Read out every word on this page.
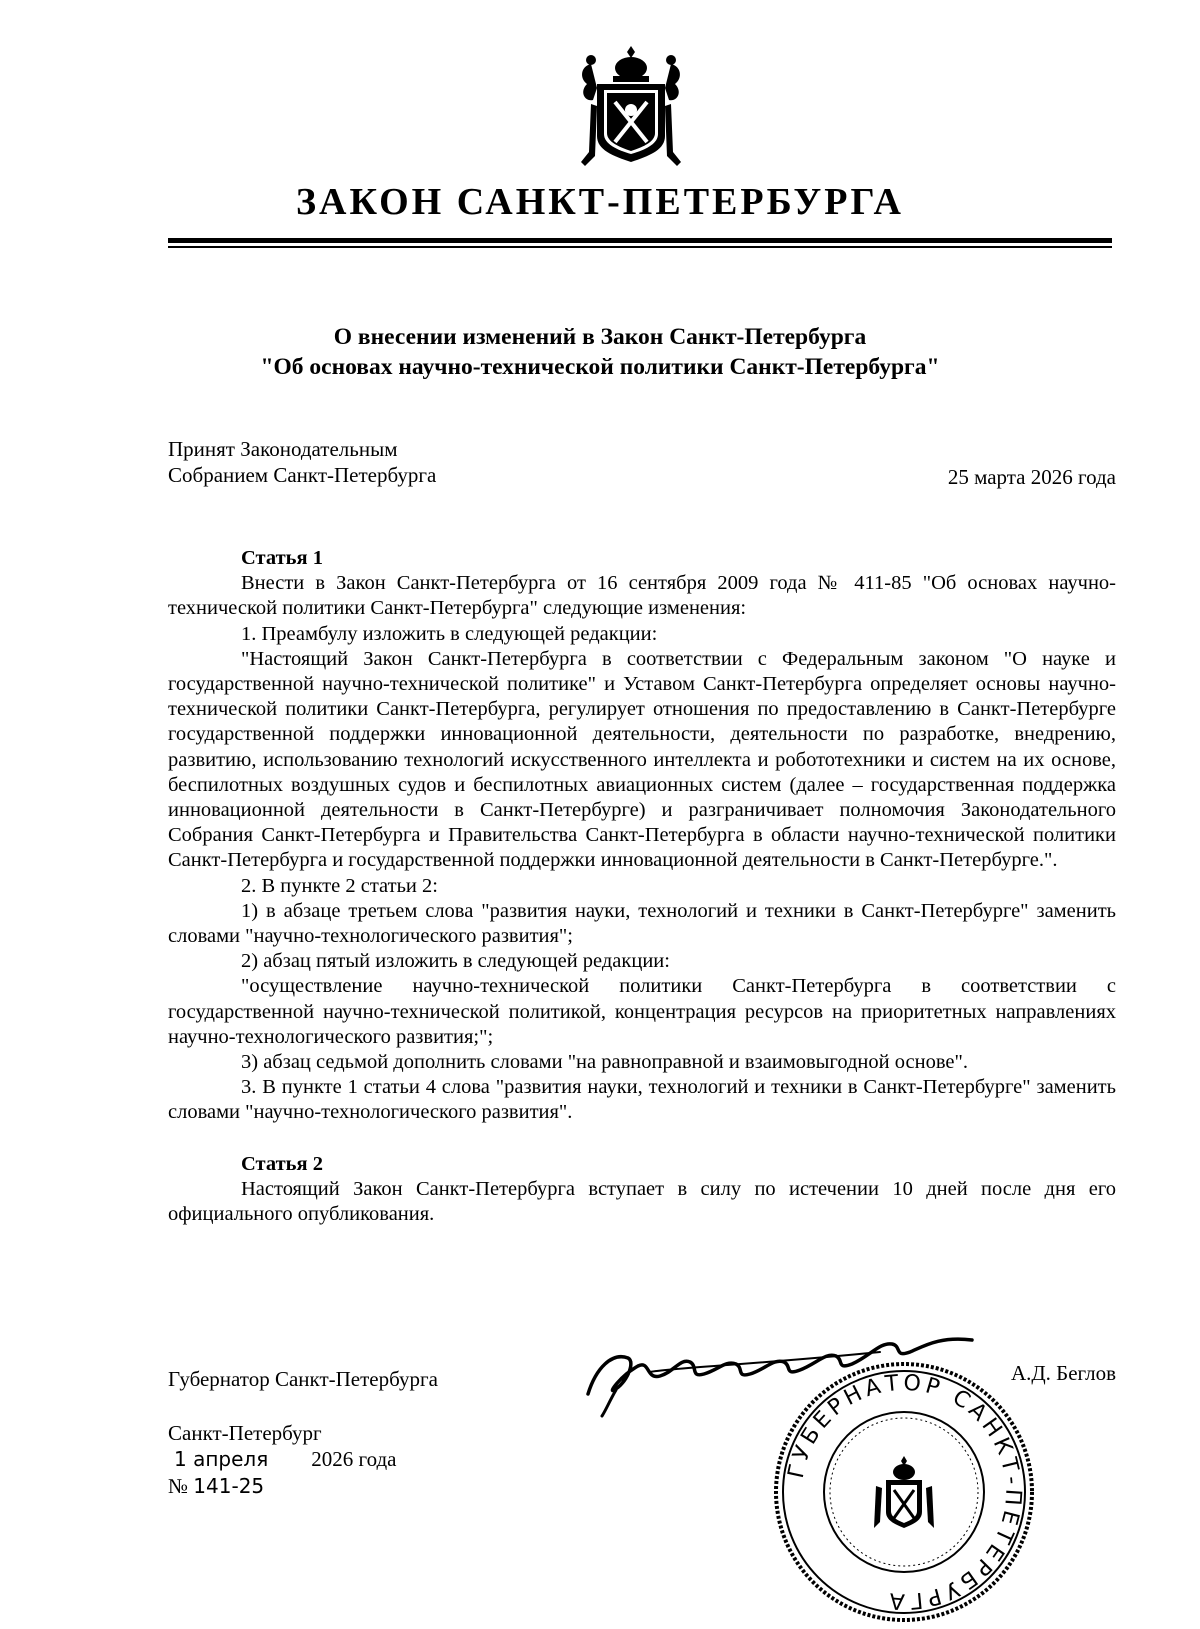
ЗАКОН САНКТ-ПЕТЕРБУРГА
О внесении изменений в Закон Санкт-Петербурга
"Об основах научно-технической политики Санкт-Петербурга"
Принят Законодательным
Собранием Санкт-Петербурга	25 марта 2026 года

Статья 1

Внести в Закон Санкт-Петербурга от 16 сентября 2009 года № 411-85 "Об основах научно-технической политики Санкт-Петербурга" следующие изменения:

1. Преамбулу изложить в следующей редакции:

"Настоящий Закон Санкт-Петербурга в соответствии с Федеральным законом "О науке и государственной научно-технической политике" и Уставом Санкт-Петербурга определяет основы научно-технической политики Санкт-Петербурга, регулирует отношения по предоставлению в Санкт-Петербурге государственной поддержки инновационной деятельности, деятельности по разработке, внедрению, развитию, использованию технологий искусственного интеллекта и робототехники и систем на их основе, беспилотных воздушных судов и беспилотных авиационных систем (далее – государственная поддержка инновационной деятельности в Санкт-Петербурге) и разграничивает полномочия Законодательного Собрания Санкт-Петербурга и Правительства Санкт-Петербурга в области научно-технической политики Санкт-Петербурга и государственной поддержки инновационной деятельности в Санкт-Петербурге.".

2. В пункте 2 статьи 2:

1) в абзаце третьем слова "развития науки, технологий и техники в Санкт-Петербурге" заменить словами "научно-технологического развития";

2) абзац пятый изложить в следующей редакции:

"осуществление научно-технической политики Санкт-Петербурга в соответствии с государственной научно-технической политикой, концентрация ресурсов на приоритетных направлениях научно-технологического развития;";

3) абзац седьмой дополнить словами "на равноправной и взаимовыгодной основе".

3. В пункте 1 статьи 4 слова "развития науки, технологий и техники в Санкт-Петербурге" заменить словами "научно-технологического развития".

Статья 2

Настоящий Закон Санкт-Петербурга вступает в силу по истечении 10 дней после дня его официального опубликования.

Губернатор Санкт-Петербурга	А.Д. Беглов
ГУБЕРНАТОР САНКТ-ПЕТЕРБУРГА
Санкт-Петербург
1 апреля 2026 года
№ 141-25
